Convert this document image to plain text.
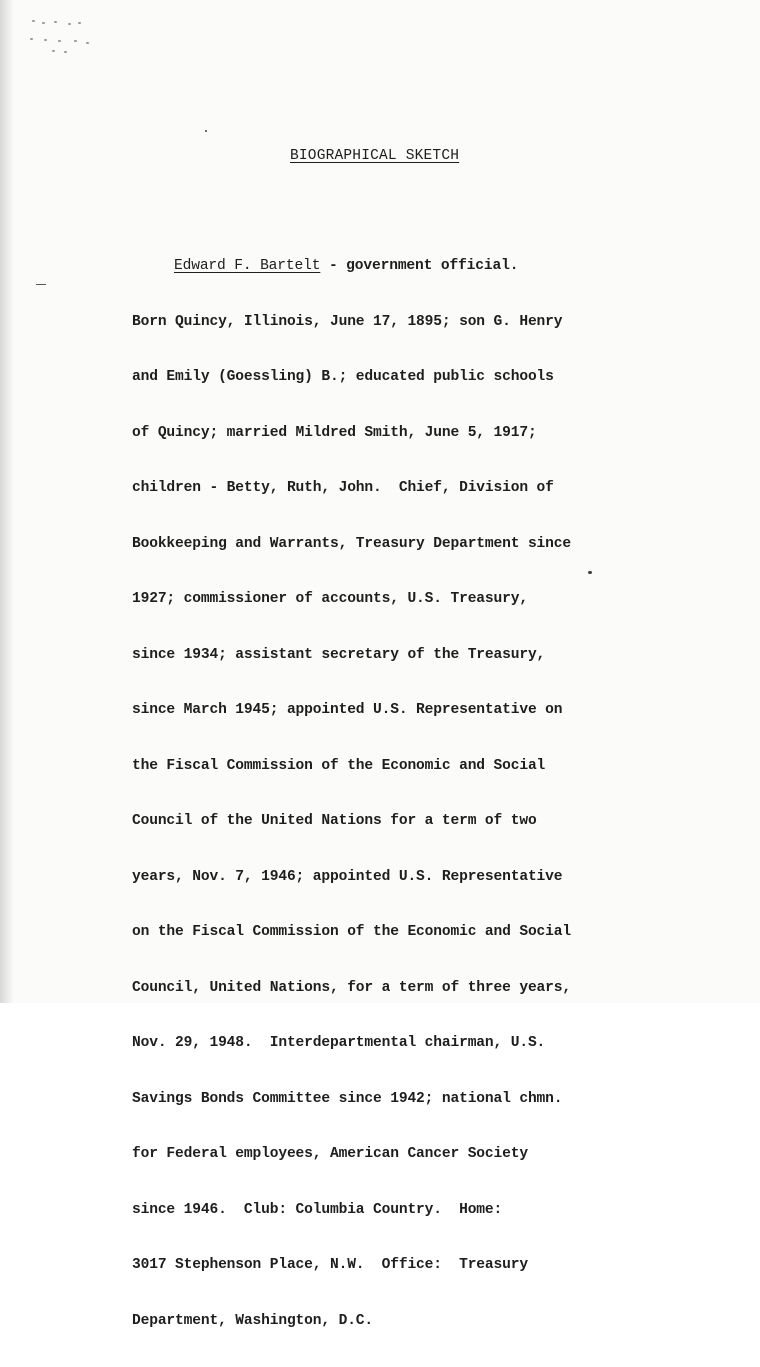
BIOGRAPHICAL SKETCH

Edward F. Bartelt - government official.

Born Quincy, Illinois, June 17, 1895; son G. Henry

and Emily (Goessling) B.; educated public schools

of Quincy; married Mildred Smith, June 5, 1917;

children - Betty, Ruth, John.  Chief, Division of

Bookkeeping and Warrants, Treasury Department since

1927; commissioner of accounts, U.S. Treasury,

since 1934; assistant secretary of the Treasury,

since March 1945; appointed U.S. Representative on

the Fiscal Commission of the Economic and Social

Council of the United Nations for a term of two

years, Nov. 7, 1946; appointed U.S. Representative

on the Fiscal Commission of the Economic and Social

Council, United Nations, for a term of three years,

Nov. 29, 1948.  Interdepartmental chairman, U.S.

Savings Bonds Committee since 1942; national chmn.

for Federal employees, American Cancer Society

since 1946.  Club: Columbia Country.  Home:

3017 Stephenson Place, N.W.  Office:  Treasury

Department, Washington, D.C.
